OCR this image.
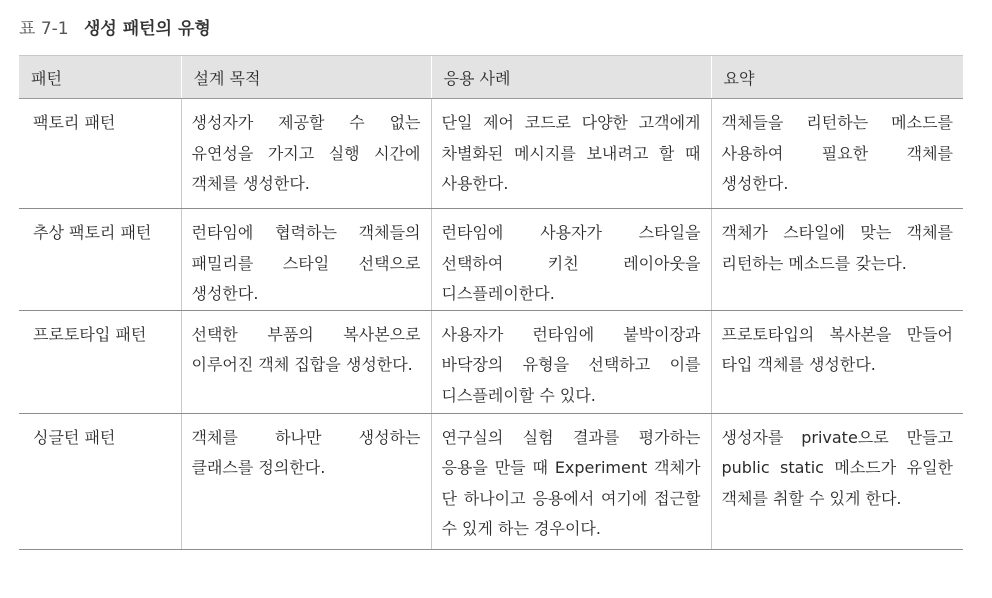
표 7-1 생성 패턴의 유형
패턴	설계 목적	응용 사례	요약
팩토리 패턴	생성자가 제공할 수 없는 유연성을 가지고 실행 시간에 객체를 생성한다.	단일 제어 코드로 다양한 고객에게 차별화된 메시지를 보내려고 할 때 사용한다.	객체들을 리턴하는 메소드를 사용하여 필요한 객체를 생성한다.
추상 팩토리 패턴	런타임에 협력하는 객체들의 패밀리를 스타일 선택으로 생성한다.	런타임에 사용자가 스타일을 선택하여 키친 레이아웃을 디스플레이한다.	객체가 스타일에 맞는 객체를 리턴하는 메소드를 갖는다.
프로토타입 패턴	선택한 부품의 복사본으로 이루어진 객체 집합을 생성한다.	사용자가 런타임에 붙박이장과 바닥장의 유형을 선택하고 이를 디스플레이할 수 있다.	프로토타입의 복사본을 만들어 타입 객체를 생성한다.
싱글턴 패턴	객체를 하나만 생성하는 클래스를 정의한다.	연구실의 실험 결과를 평가하는 응용을 만들 때 Experiment 객체가 단 하나이고 응용에서 여기에 접근할 수 있게 하는 경우이다.	생성자를 private으로 만들고 public static 메소드가 유일한 객체를 취할 수 있게 한다.
